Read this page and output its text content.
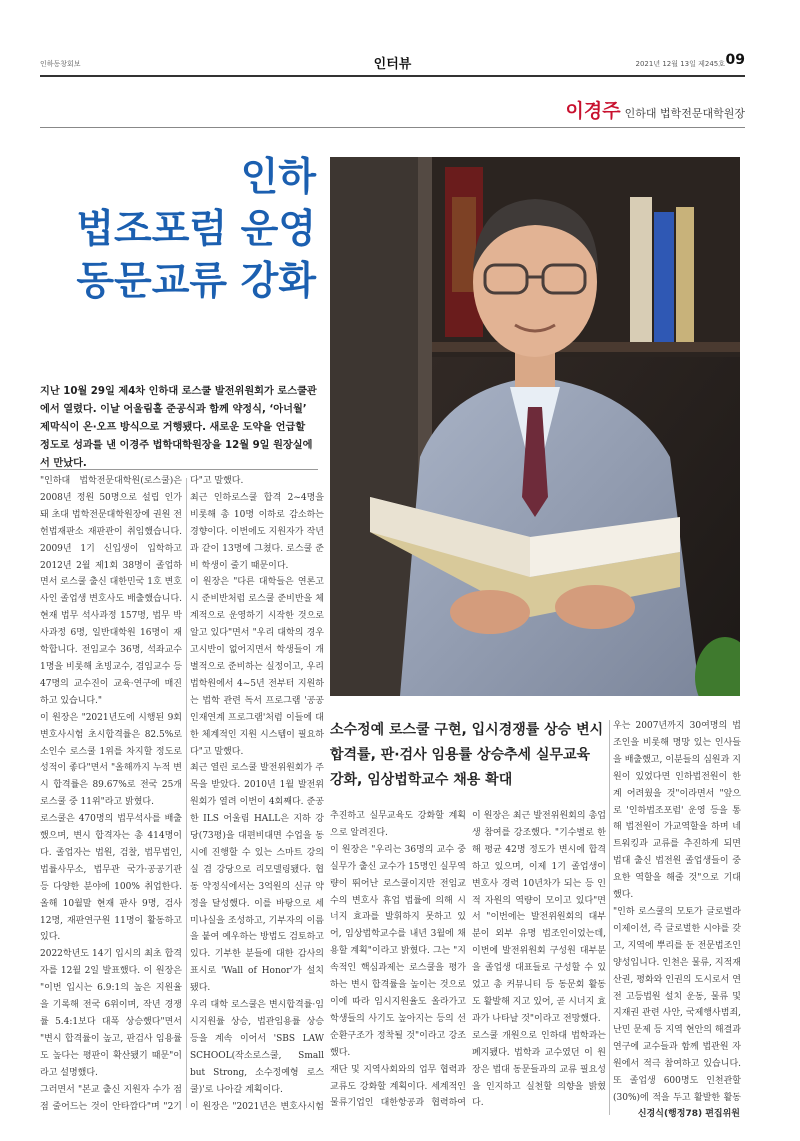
인하동창회보	인터뷰	2021년 12월 13일 제245호 09
이경주 인하대 법학전문대학원장
인하
법조포럼 운영
동문교류 강화
지난 10월 29일 제4차 인하대 로스쿨 발전위원회가 로스쿨관에서 열렸다. 이날 어울림홀 준공식과 함께 약정식, ‘아너월’ 제막식이 온·오프 방식으로 거행됐다. 새로운 도약을 언급할 정도로 성과를 낸 이경주 법학대학원장을 12월 9일 원장실에서 만났다.
"인하대 법학전문대학원(로스쿨)은 2008년 정원 50명으로 설립 인가 돼 초대 법학전문대학원장에 권원 전 헌법재판소 재판관이 취임했습니다. 2009년 1기 신입생이 입학하고 2012년 2월 제1회 38명이 졸업하면서 로스쿨 출신 대한민국 1호 변호사인 졸업생 변호사도 배출했습니다. 현재 법무 석사과정 157명, 법무 박사과정 6명, 일반대학원 16명이 재학합니다. 전임교수 36명, 석좌교수 1명을 비롯해 초빙교수, 겸임교수 등 47명의 교수진이 교육·연구에 매진하고 있습니다."
이 원장은 "2021년도에 시행된 9회 변호사시험 초시합격률은 82.5%로 소인수 로스쿨 1위를 차지할 정도로 성적이 좋다"면서 "올해까지 누적 변시 합격률은 89.67%로 전국 25개 로스쿨 중 11위"라고 밝혔다.
로스쿨은 470명의 법무석사를 배출했으며, 변시 합격자는 총 414명이다. 졸업자는 법원, 검찰, 법무법인, 법률사무소, 법무관 국가·공공기관 등 다양한 분야에 100% 취업한다. 올해 10월말 현재 판사 9명, 검사 12명, 재판연구원 11명이 활동하고 있다.
2022학년도 14기 입시의 최초 합격자를 12월 2일 발표했다. 이 원장은 "이번 입시는 6.9:1의 높은 지원율을 기록해 전국 6위이며, 작년 경쟁률 5.4:1보다 대폭 상승했다"면서 "변시 합격률이 높고, 판검사 임용률도 높다는 평판이 확산됐기 때문"이라고 설명했다.
그러면서 "본교 출신 지원자 수가 점점 줄어드는 것이 안타깝다"며 "2기
다"고 말했다.
최근 인하로스쿨 합격 2~4명을 비롯해 총 10명 이하로 감소하는 경향이다. 이번에도 지원자가 작년과 같이 13명에 그쳤다. 로스쿨 준비 학생이 줄기 때문이다.
이 원장은 "다른 대학들은 연론고시 준비반처럼 로스쿨 준비반을 체계적으로 운영하기 시작한 것으로 알고 있다"면서 "우리 대학의 경우 고시반이 없어지면서 학생들이 개별적으로 준비하는 실정이고, 우리 법학원에서 4~5년 전부터 지원하는 법학 관련 독서 프로그램 '공공인재연계 프로그램'처럼 이들에 대한 체계적인 지원 시스템이 필요하다"고 말했다.
최근 열린 로스쿨 발전위원회가 주목을 받았다. 2010년 1월 발전위원회가 열려 이번이 4회째다. 준공한 ILS 어울림 HALL은 지하 강당(73평)을 대편비대면 수업을 동시에 진행할 수 있는 스마트 강의실 겸 강당으로 리모델링됐다. 협동 약정식에서는 3억원의 신규 약정을 달성했다. 이를 바탕으로 세미나실을 조성하고, 기부자의 이름을 붙여 예우하는 방법도 검토하고 있다. 기부한 분들에 대한 감사의 표시로 'Wall of Honor'가 설치됐다.
우리 대학 로스쿨은 변시합격률·임시지원률 상승, 법관임용률 상승 등을 계속 이어서 'SBS LAW SCHOOL(작소로스쿨, Small but Strong, 소수정예형 로스쿨)'로 나아갈 계획이다.
이 원장은 "2021년은 변호사시험
소수정예 로스쿨 구현, 입시경쟁률 상승 변시 합격률, 판·검사 임용률 상승추세 실무교육 강화, 임상법학교수 채용 확대
추진하고 실무교육도 강화할 계획으로 알려진다.
이 원장은 "우리는 36명의 교수 중 실무가 출신 교수가 15명인 실무역량이 뛰어난 로스쿨이지만 전임교수의 변호사 휴업 법률에 의해 시너지 효과를 발휘하지 못하고 있어, 임상법학교수를 내년 3월에 채용할 계획"이라고 밝혔다. 그는 "지속적인 핵심과제는 로스쿨을 평가하는 변시 합격률을 높이는 것으로 이에 따라 임시지원율도 올라가고 학생들의 사기도 높아지는 등의 선순환구조가 정착될 것"이라고 강조했다.
재단 및 지역사회와의 업무 협력과 교류도 강화할 계획이다. 세계적인 물류기업인 대한항공과 협력하여
이 원장은 최근 발전위원회의 총업생 참여를 강조했다. "기수별로 한해 평균 42명 정도가 변시에 합격하고 있으며, 이제 1기 졸업생이 변호사 경력 10년차가 되는 등 인적 자원의 역량이 모이고 있다"면서 "이번에는 발전위원회의 대부분이 외부 유명 법조인이었는데, 이번에 발전위원회 구성원 대부분을 졸업생 대표들로 구성할 수 있었고 총 커뮤니티 등 동문회 활동도 활발해 지고 있어, 곧 시너지 효과가 나타날 것"이라고 전망했다.
로스쿨 개원으로 인하대 법학과는 폐지됐다. 법학과 교수였던 이 원장은 법대 동문들과의 교류 필요성을 인지하고 실천할 의향을 밝혔다.

우는 2007년까지 30여명의 법조인을 비롯해 명망 있는 인사들을 배출했고, 이분들의 심원과 지원이 있었다면 인하법전원이 한 계 어려웠을 것"이라면서 "앞으로 '인하법조포럼' 운영 등을 통해 법전원이 가교역할을 하며 네트워킹과 교류를 추진하게 되면 법대 출신 법전원 졸업생들이 중요한 역할을 해줄 것"으로 기대했다.
"인하 로스쿨의 모토가 글로벌라이제이션, 즉 글로벌한 시야를 갖고, 지역에 뿌리를 둔 전문법조인 양성입니다. 인천은 물류, 지적재산권, 평화와 인권의 도시로서 연전 고등법원 설치 운동, 물류 및 지재권 관련 사안, 국제행사범죄, 난민 문제 등 지역 현안의 해결과 연구에 교수들과 함께 법관원 자원에서 적극 참여하고 있습니다. 또 졸업생 600명도 인천관할(30%)에 적을 두고 활발한 활동
신경식(행정78) 편집위원
